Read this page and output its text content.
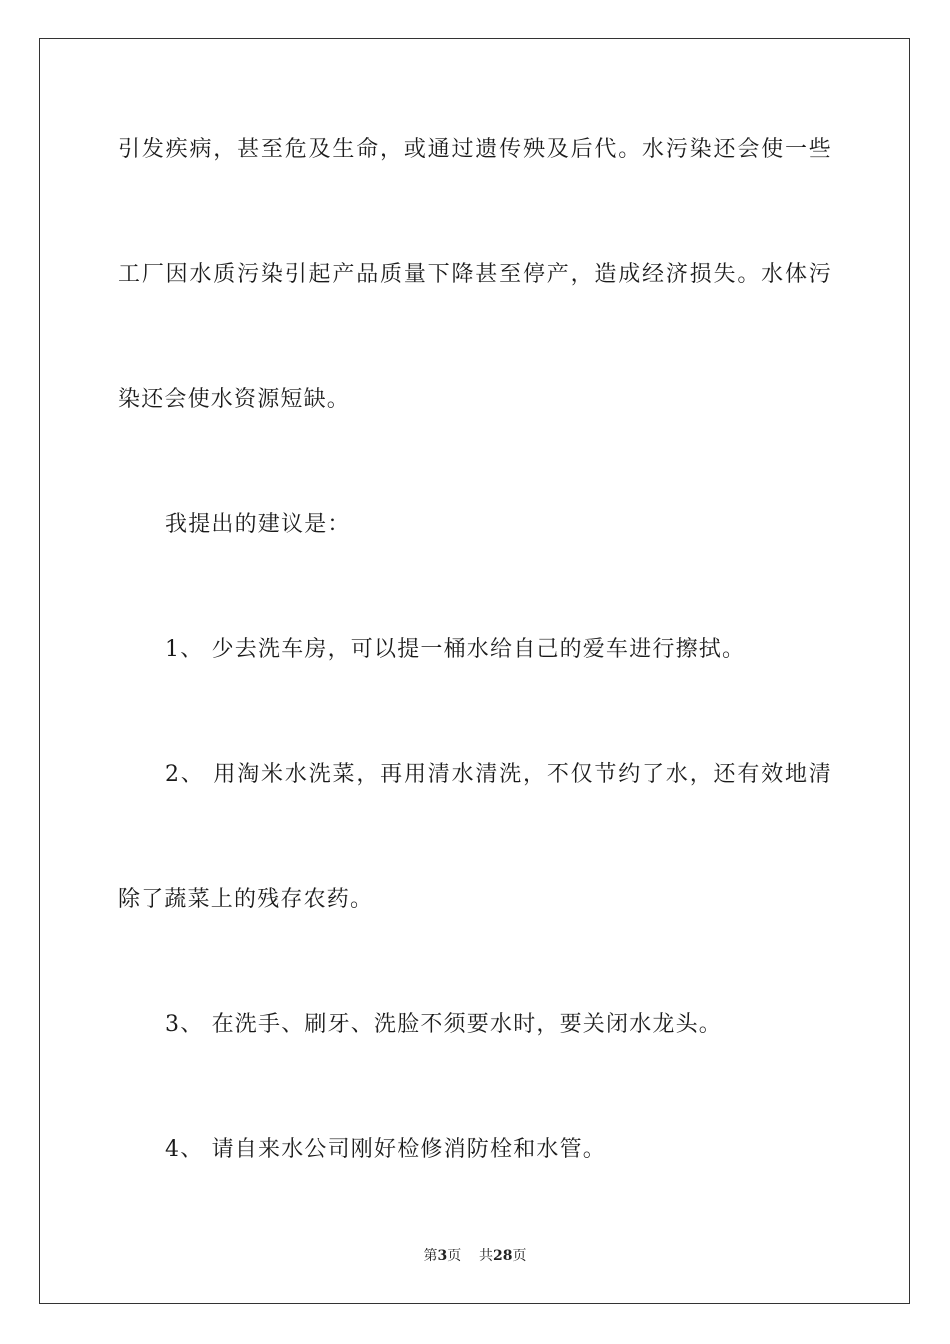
引发疾病，甚至危及生命，或通过遗传殃及后代。水污染还会使一些
工厂因水质污染引起产品质量下降甚至停产，造成经济损失。水体污
染还会使水资源短缺。
我提出的建议是：
1、 少去洗车房，可以提一桶水给自己的爱车进行擦拭。
2、 用淘米水洗菜，再用清水清洗，不仅节约了水，还有效地清
除了蔬菜上的残存农药。
3、 在洗手、刷牙、洗脸不须要水时，要关闭水龙头。
4、 请自来水公司刚好检修消防栓和水管。
第3页 共28页
